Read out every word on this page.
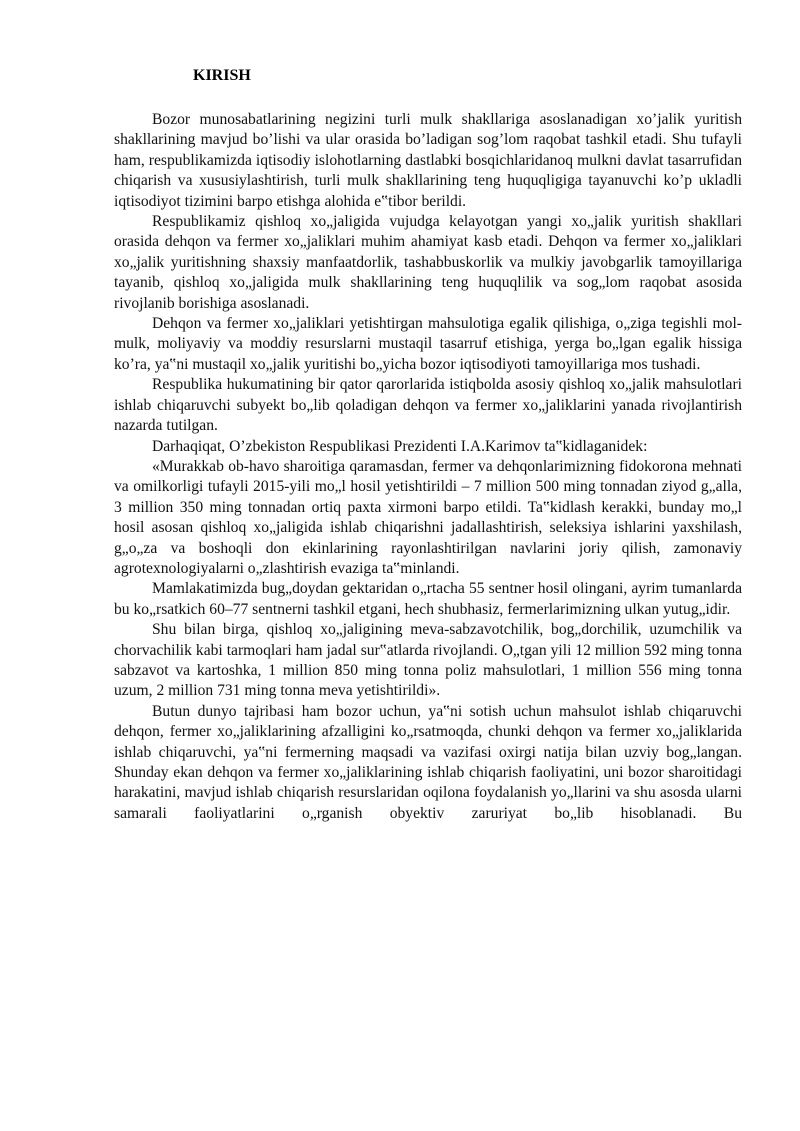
KIRISH

Bozor munosabatlarining negizini turli mulk shakllariga asoslanadigan xo’jalik yuritish shakllarining mavjud bo’lishi va ular orasida bo’ladigan sog’lom raqobat tashkil etadi. Shu tufayli ham, respublikamizda iqtisodiy islohotlarning dastlabki bosqichlaridanoq mulkni davlat tasarrufidan chiqarish va xususiylashtirish, turli mulk shakllarining teng huquqligiga tayanuvchi ko’p ukladli iqtisodiyot tizimini barpo etishga alohida e‟tibor berildi.

Respublikamiz qishloq xo„jaligida vujudga kelayotgan yangi xo„jalik yuritish shakllari orasida dehqon va fermer xo„jaliklari muhim ahamiyat kasb etadi. Dehqon va fermer xo„jaliklari xo„jalik yuritishning shaxsiy manfaatdorlik, tashabbuskorlik va mulkiy javobgarlik tamoyillariga tayanib, qishloq xo„jaligida mulk shakllarining teng huquqlilik va sog„lom raqobat asosida rivojlanib borishiga asoslanadi.

Dehqon va fermer xo„jaliklari yetishtirgan mahsulotiga egalik qilishiga, o„ziga tegishli mol-mulk, moliyaviy va moddiy resurslarni mustaqil tasarruf etishiga, yerga bo„lgan egalik hissiga ko’ra, ya‟ni mustaqil xo„jalik yuritishi bo„yicha bozor iqtisodiyoti tamoyillariga mos tushadi.

Respublika hukumatining bir qator qarorlarida istiqbolda asosiy qishloq xo„jalik mahsulotlari ishlab chiqaruvchi subyekt bo„lib qoladigan dehqon va fermer xo„jaliklarini yanada rivojlantirish nazarda tutilgan.

Darhaqiqat, O’zbekiston Respublikasi Prezidenti I.A.Karimov ta‟kidlaganidek:

«Murakkab ob-havo sharoitiga qaramasdan, fermer va dehqonlarimizning fidokorona mehnati va omilkorligi tufayli 2015-yili mo„l hosil yetishtirildi – 7 million 500 ming tonnadan ziyod g„alla, 3 million 350 ming tonnadan ortiq paxta xirmoni barpo etildi. Ta‟kidlash kerakki, bunday mo„l hosil asosan qishloq xo„jaligida ishlab chiqarishni jadallashtirish, seleksiya ishlarini yaxshilash, g„o„za va boshoqli don ekinlarining rayonlashtirilgan navlarini joriy qilish, zamonaviy agrotexnologiyalarni o„zlashtirish evaziga ta‟minlandi.

Mamlakatimizda bug„doydan gektaridan o„rtacha 55 sentner hosil olingani, ayrim tumanlarda bu ko„rsatkich 60–77 sentnerni tashkil etgani, hech shubhasiz, fermerlarimizning ulkan yutug„idir.

Shu bilan birga, qishloq xo„jaligining meva-sabzavotchilik, bog„dorchilik, uzumchilik va chorvachilik kabi tarmoqlari ham jadal sur‟atlarda rivojlandi. O„tgan yili 12 million 592 ming tonna sabzavot va kartoshka, 1 million 850 ming tonna poliz mahsulotlari, 1 million 556 ming tonna uzum, 2 million 731 ming tonna meva yetishtirildi».

Butun dunyo tajribasi ham bozor uchun, ya‟ni sotish uchun mahsulot ishlab chiqaruvchi dehqon, fermer xo„jaliklarining afzalligini ko„rsatmoqda, chunki dehqon va fermer xo„jaliklarida ishlab chiqaruvchi, ya‟ni fermerning maqsadi va vazifasi oxirgi natija bilan uzviy bog„langan. Shunday ekan dehqon va fermer xo„jaliklarining ishlab chiqarish faoliyatini, uni bozor sharoitidagi harakatini, mavjud ishlab chiqarish resurslaridan oqilona foydalanish yo„llarini va shu asosda ularni samarali faoliyatlarini o„rganish obyektiv zaruriyat bo„lib hisoblanadi. Bu
